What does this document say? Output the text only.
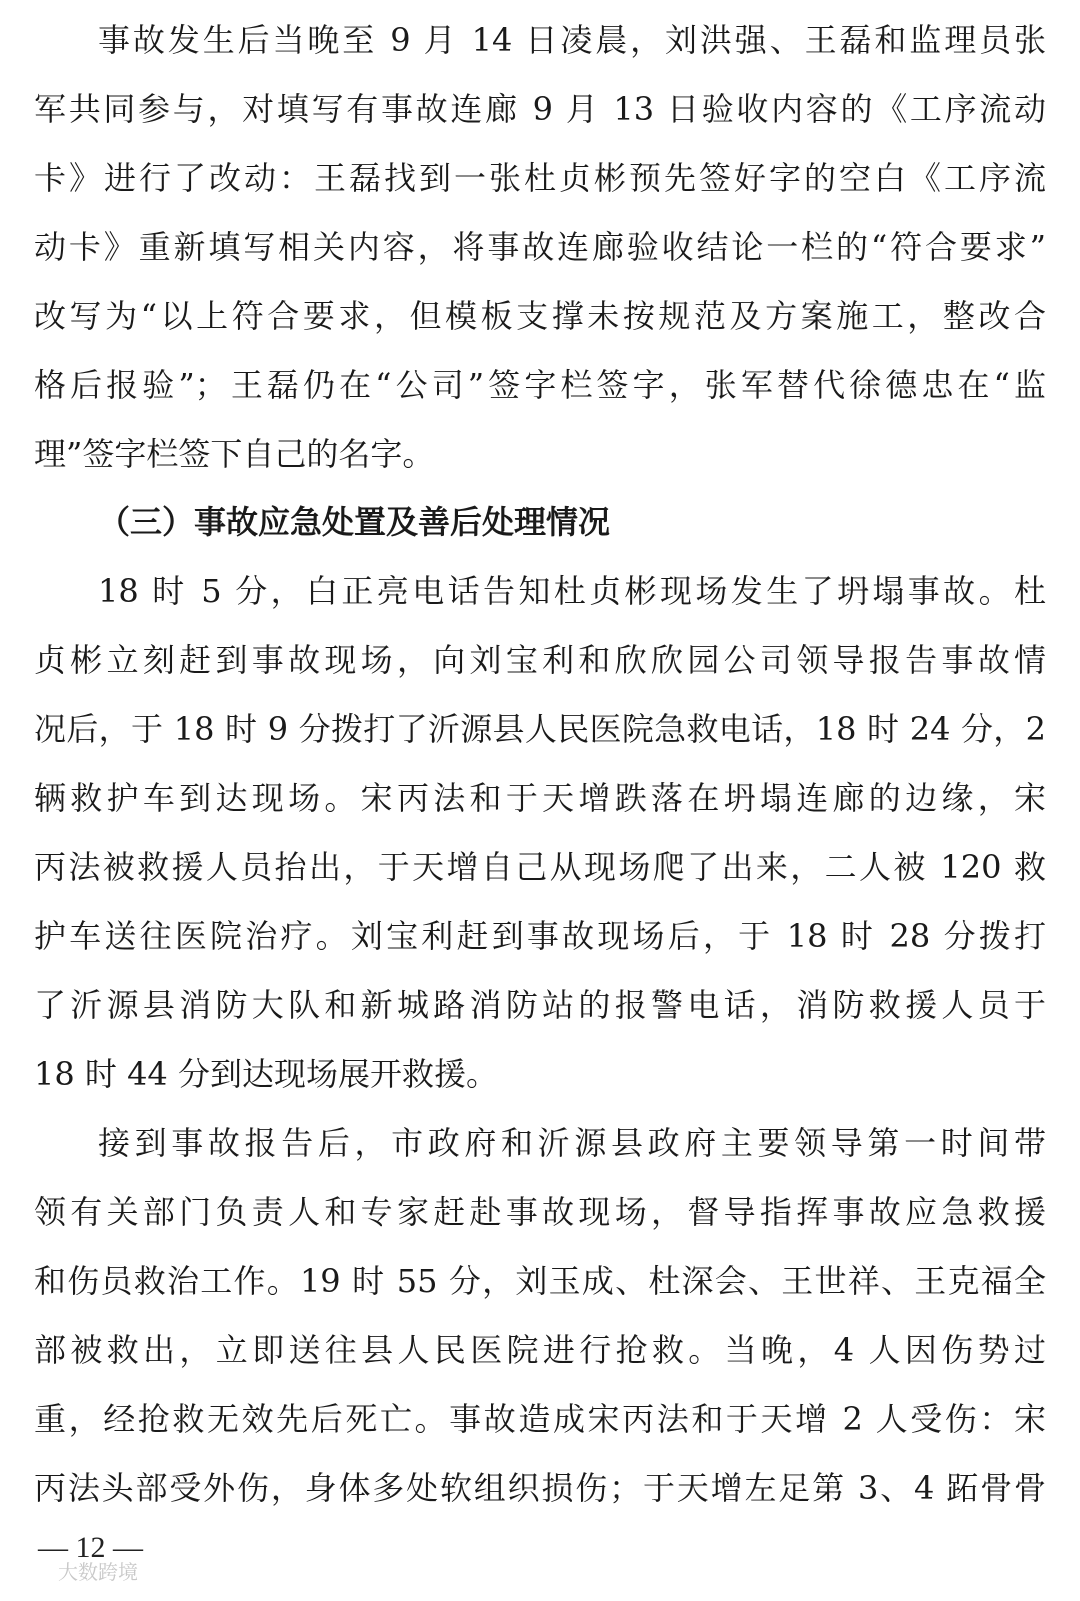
事故发生后当晚至 9 月 14 日凌晨，刘洪强、王磊和监理员张
军共同参与，对填写有事故连廊 9 月 13 日验收内容的《工序流动
卡》进行了改动：王磊找到一张杜贞彬预先签好字的空白《工序流
动卡》重新填写相关内容，将事故连廊验收结论一栏的“符合要求”
改写为“以上符合要求，但模板支撑未按规范及方案施工，整改合
格后报验”；王磊仍在“公司”签字栏签字，张军替代徐德忠在“监
理”签字栏签下自己的名字。
（三）事故应急处置及善后处理情况
18 时 5 分，白正亮电话告知杜贞彬现场发生了坍塌事故。杜
贞彬立刻赶到事故现场，向刘宝利和欣欣园公司领导报告事故情
况后，于 18 时 9 分拨打了沂源县人民医院急救电话，18 时 24 分，2
辆救护车到达现场。宋丙法和于天增跌落在坍塌连廊的边缘，宋
丙法被救援人员抬出，于天增自己从现场爬了出来，二人被 120 救
护车送往医院治疗。刘宝利赶到事故现场后，于 18 时 28 分拨打
了沂源县消防大队和新城路消防站的报警电话，消防救援人员于
18 时 44 分到达现场展开救援。
接到事故报告后，市政府和沂源县政府主要领导第一时间带
领有关部门负责人和专家赶赴事故现场，督导指挥事故应急救援
和伤员救治工作。19 时 55 分，刘玉成、杜深会、王世祥、王克福全
部被救出，立即送往县人民医院进行抢救。当晚，4 人因伤势过
重，经抢救无效先后死亡。事故造成宋丙法和于天增 2 人受伤：宋
丙法头部受外伤，身体多处软组织损伤；于天增左足第 3、4 跖骨骨
— 12 —
大数跨境
